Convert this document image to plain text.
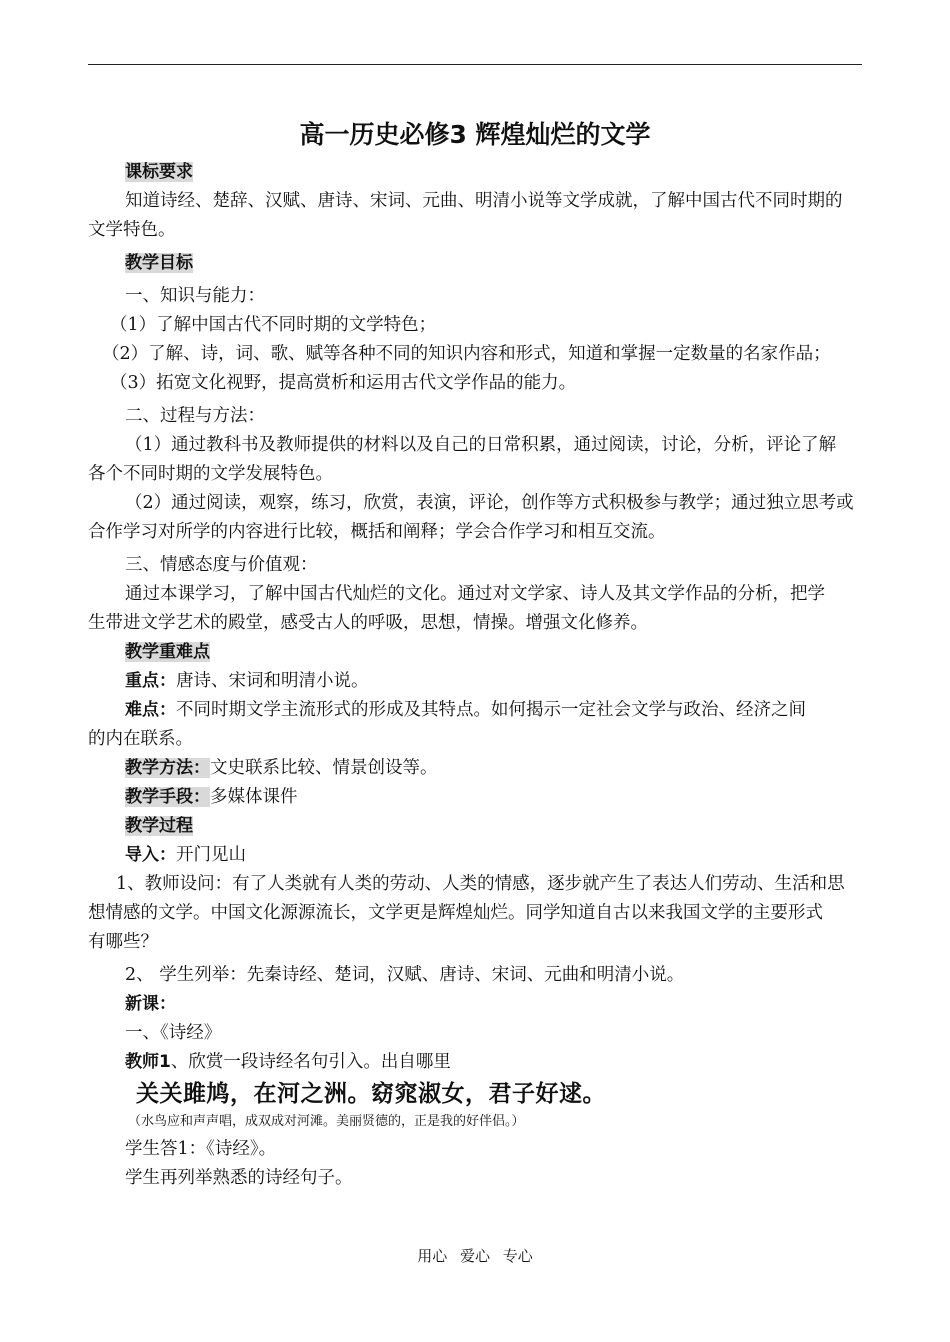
高一历史必修3 辉煌灿烂的文学

课标要求

知道诗经、楚辞、汉赋、唐诗、宋词、元曲、明清小说等文学成就，了解中国古代不同时期的

文学特色。

教学目标

一、知识与能力：

（1）了解中国古代不同时期的文学特色；

（2）了解、诗，词、歌、赋等各种不同的知识内容和形式，知道和掌握一定数量的名家作品；

（3）拓宽文化视野，提高赏析和运用古代文学作品的能力。

二、过程与方法：

（1）通过教科书及教师提供的材料以及自己的日常积累，通过阅读，讨论，分析，评论了解

各个不同时期的文学发展特色。

（2）通过阅读，观察，练习，欣赏，表演，评论，创作等方式积极参与教学；通过独立思考或

合作学习对所学的内容进行比较，概括和阐释；学会合作学习和相互交流。

三、情感态度与价值观：

通过本课学习，了解中国古代灿烂的文化。通过对文学家、诗人及其文学作品的分析，把学

生带进文学艺术的殿堂，感受古人的呼吸，思想，情操。增强文化修养。

教学重难点

重点：唐诗、宋词和明清小说。

难点：不同时期文学主流形式的形成及其特点。如何揭示一定社会文学与政治、经济之间

的内在联系。

教学方法：文史联系比较、情景创设等。

教学手段：多媒体课件

教学过程

导入：开门见山

1、教师设问：有了人类就有人类的劳动、人类的情感，逐步就产生了表达人们劳动、生活和思

想情感的文学。中国文化源源流长，文学更是辉煌灿烂。同学知道自古以来我国文学的主要形式

有哪些？

2、 学生列举：先秦诗经、楚词，汉赋、唐诗、宋词、元曲和明清小说。

新课：

一、《诗经》

教师1、欣赏一段诗经名句引入。出自哪里

关关雎鸠，在河之洲。窈窕淑女，君子好逑。

（水鸟应和声声唱，成双成对河滩。美丽贤德的，正是我的好伴侣。）

学生答1：《诗经》。

学生再列举熟悉的诗经句子。

用心 爱心 专心
